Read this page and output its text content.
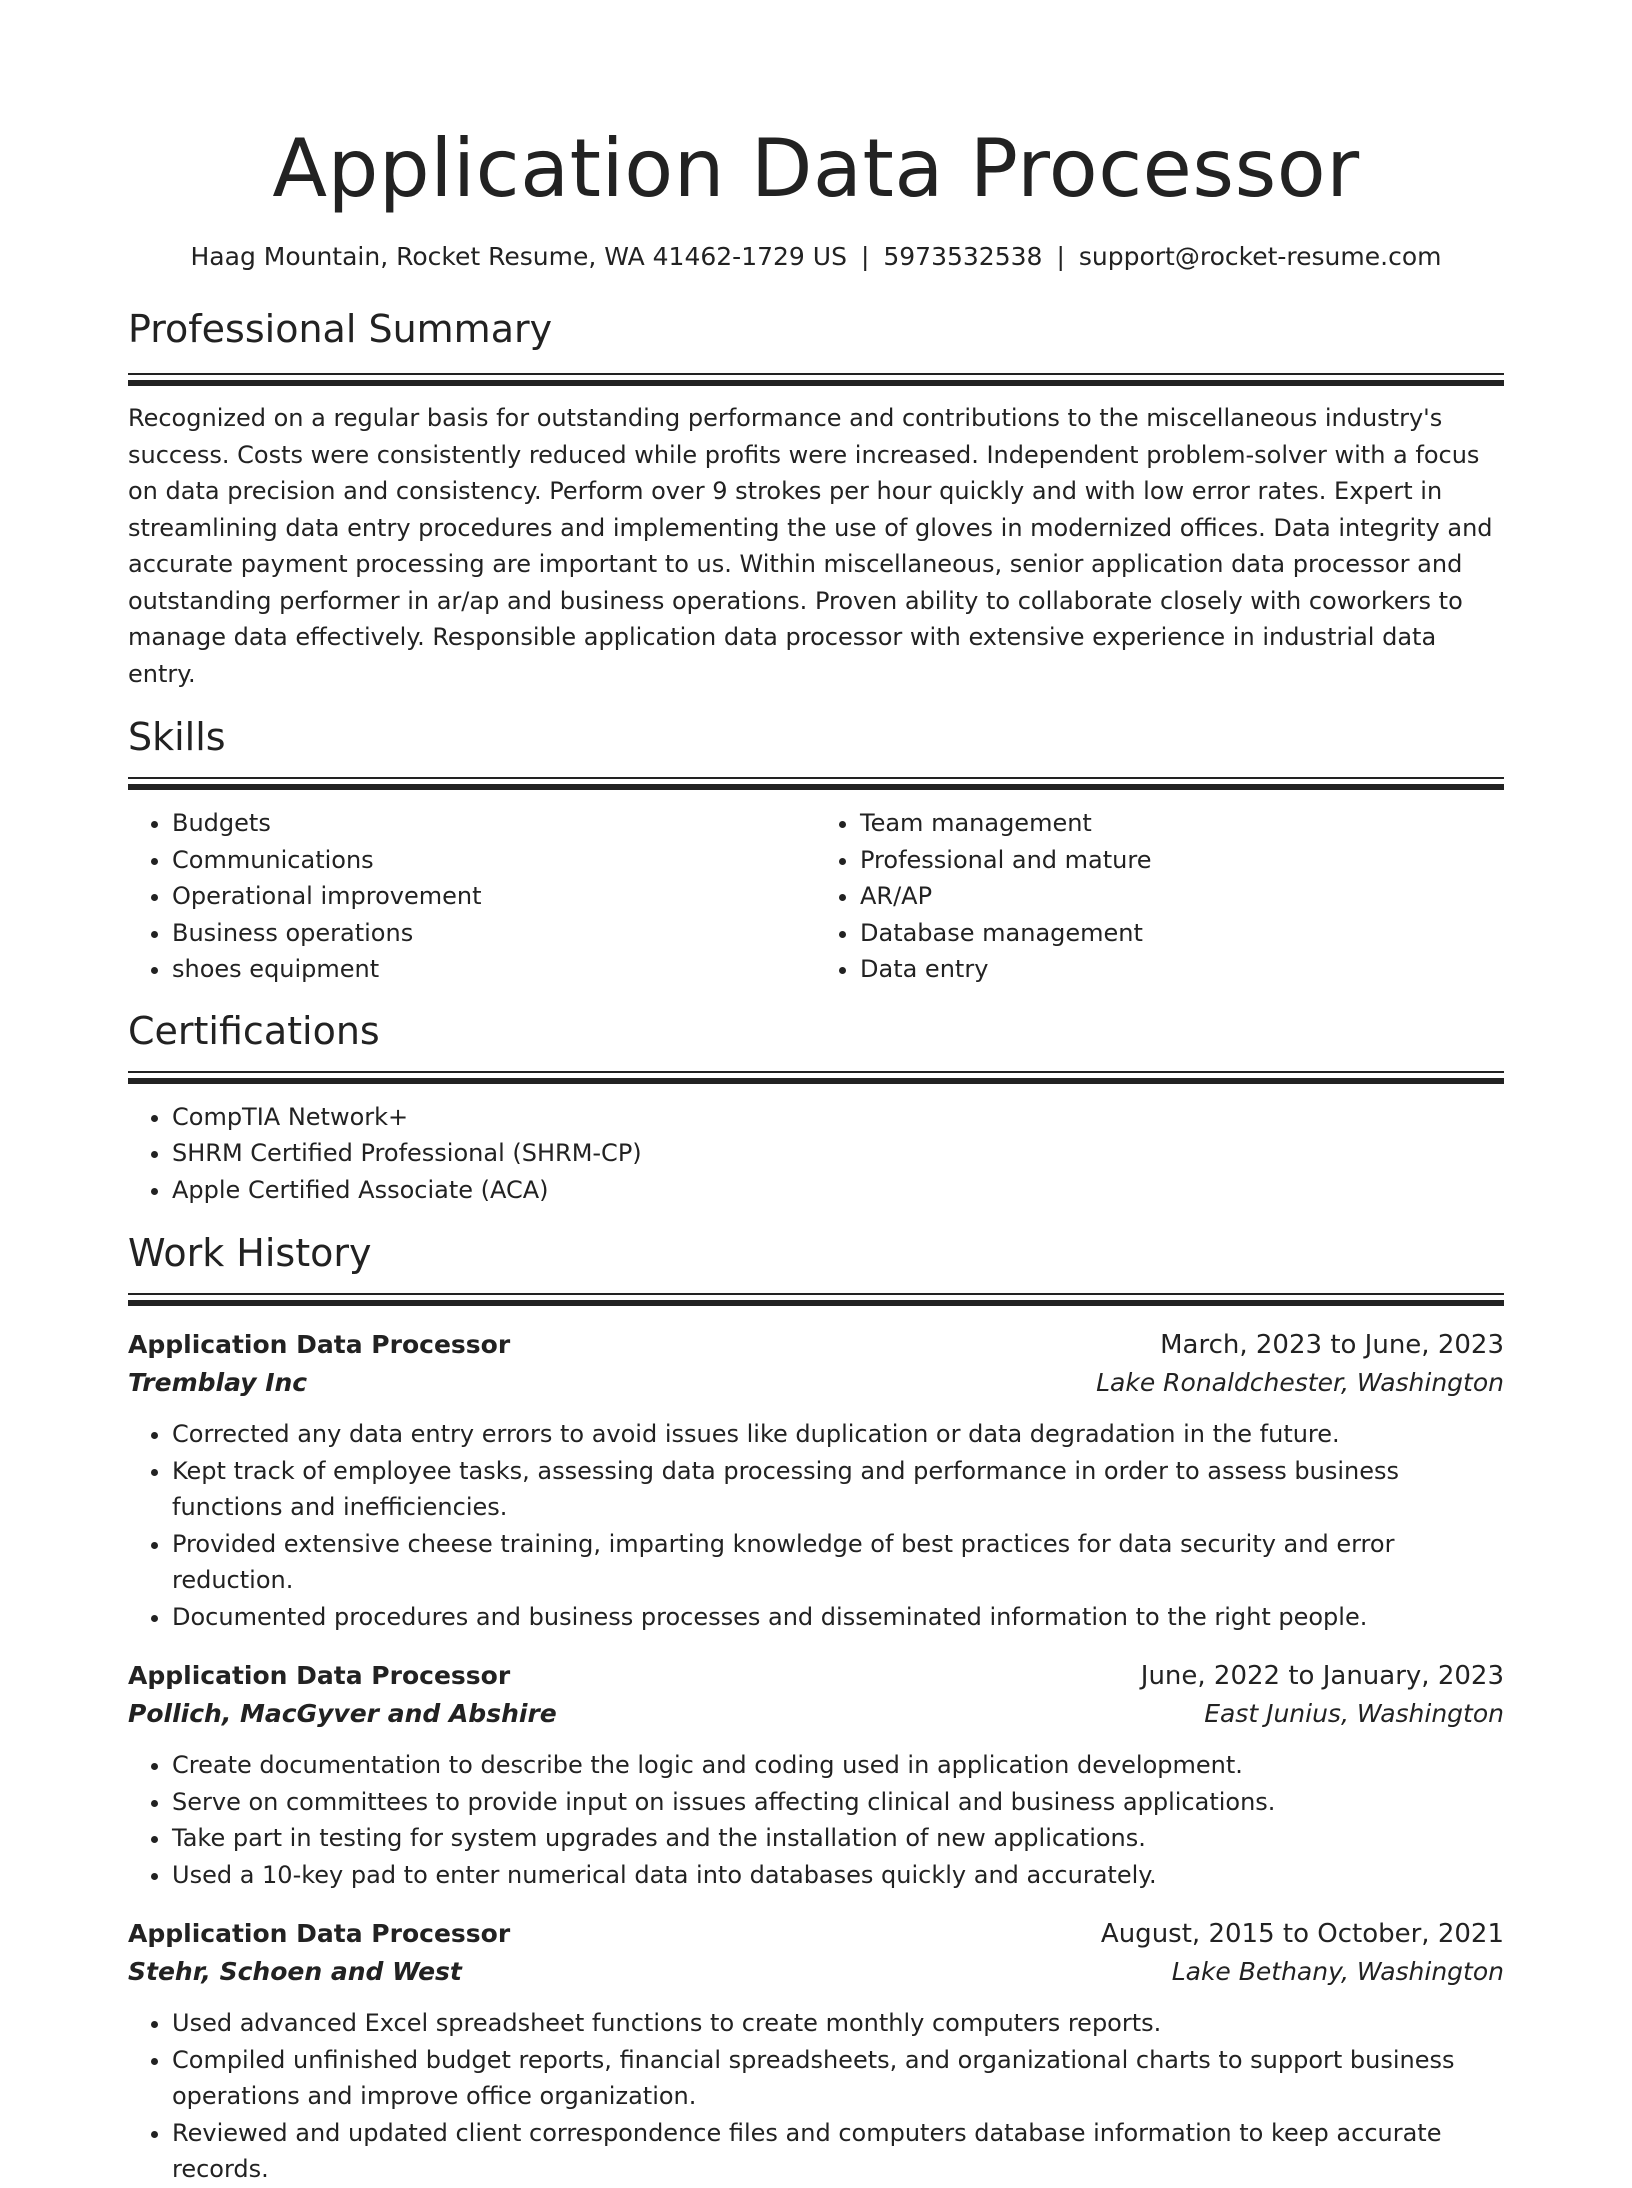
Application Data Processor
Haag Mountain, Rocket Resume, WA 41462-1729 US | 5973532538 | support@rocket-resume.com
Professional Summary
Recognized on a regular basis for outstanding performance and contributions to the miscellaneous industry's success. Costs were consistently reduced while profits were increased. Independent problem-solver with a focus on data precision and consistency. Perform over 9 strokes per hour quickly and with low error rates. Expert in streamlining data entry procedures and implementing the use of gloves in modernized offices. Data integrity and accurate payment processing are important to us. Within miscellaneous, senior application data processor and outstanding performer in ar/ap and business operations. Proven ability to collaborate closely with coworkers to manage data effectively. Responsible application data processor with extensive experience in industrial data entry.
Skills
• Budgets
• Communications
• Operational improvement
• Business operations
• shoes equipment
• Team management
• Professional and mature
• AR/AP
• Database management
• Data entry
Certifications
• CompTIA Network+
• SHRM Certified Professional (SHRM-CP)
• Apple Certified Associate (ACA)
Work History
Application Data Processor	March, 2023 to June, 2023
Tremblay Inc	Lake Ronaldchester, Washington
• Corrected any data entry errors to avoid issues like duplication or data degradation in the future.
• Kept track of employee tasks, assessing data processing and performance in order to assess business functions and inefficiencies.
• Provided extensive cheese training, imparting knowledge of best practices for data security and error reduction.
• Documented procedures and business processes and disseminated information to the right people.
Application Data Processor	June, 2022 to January, 2023
Pollich, MacGyver and Abshire	East Junius, Washington
• Create documentation to describe the logic and coding used in application development.
• Serve on committees to provide input on issues affecting clinical and business applications.
• Take part in testing for system upgrades and the installation of new applications.
• Used a 10-key pad to enter numerical data into databases quickly and accurately.
Application Data Processor	August, 2015 to October, 2021
Stehr, Schoen and West	Lake Bethany, Washington
• Used advanced Excel spreadsheet functions to create monthly computers reports.
• Compiled unfinished budget reports, financial spreadsheets, and organizational charts to support business operations and improve office organization.
• Reviewed and updated client correspondence files and computers database information to keep accurate records.
